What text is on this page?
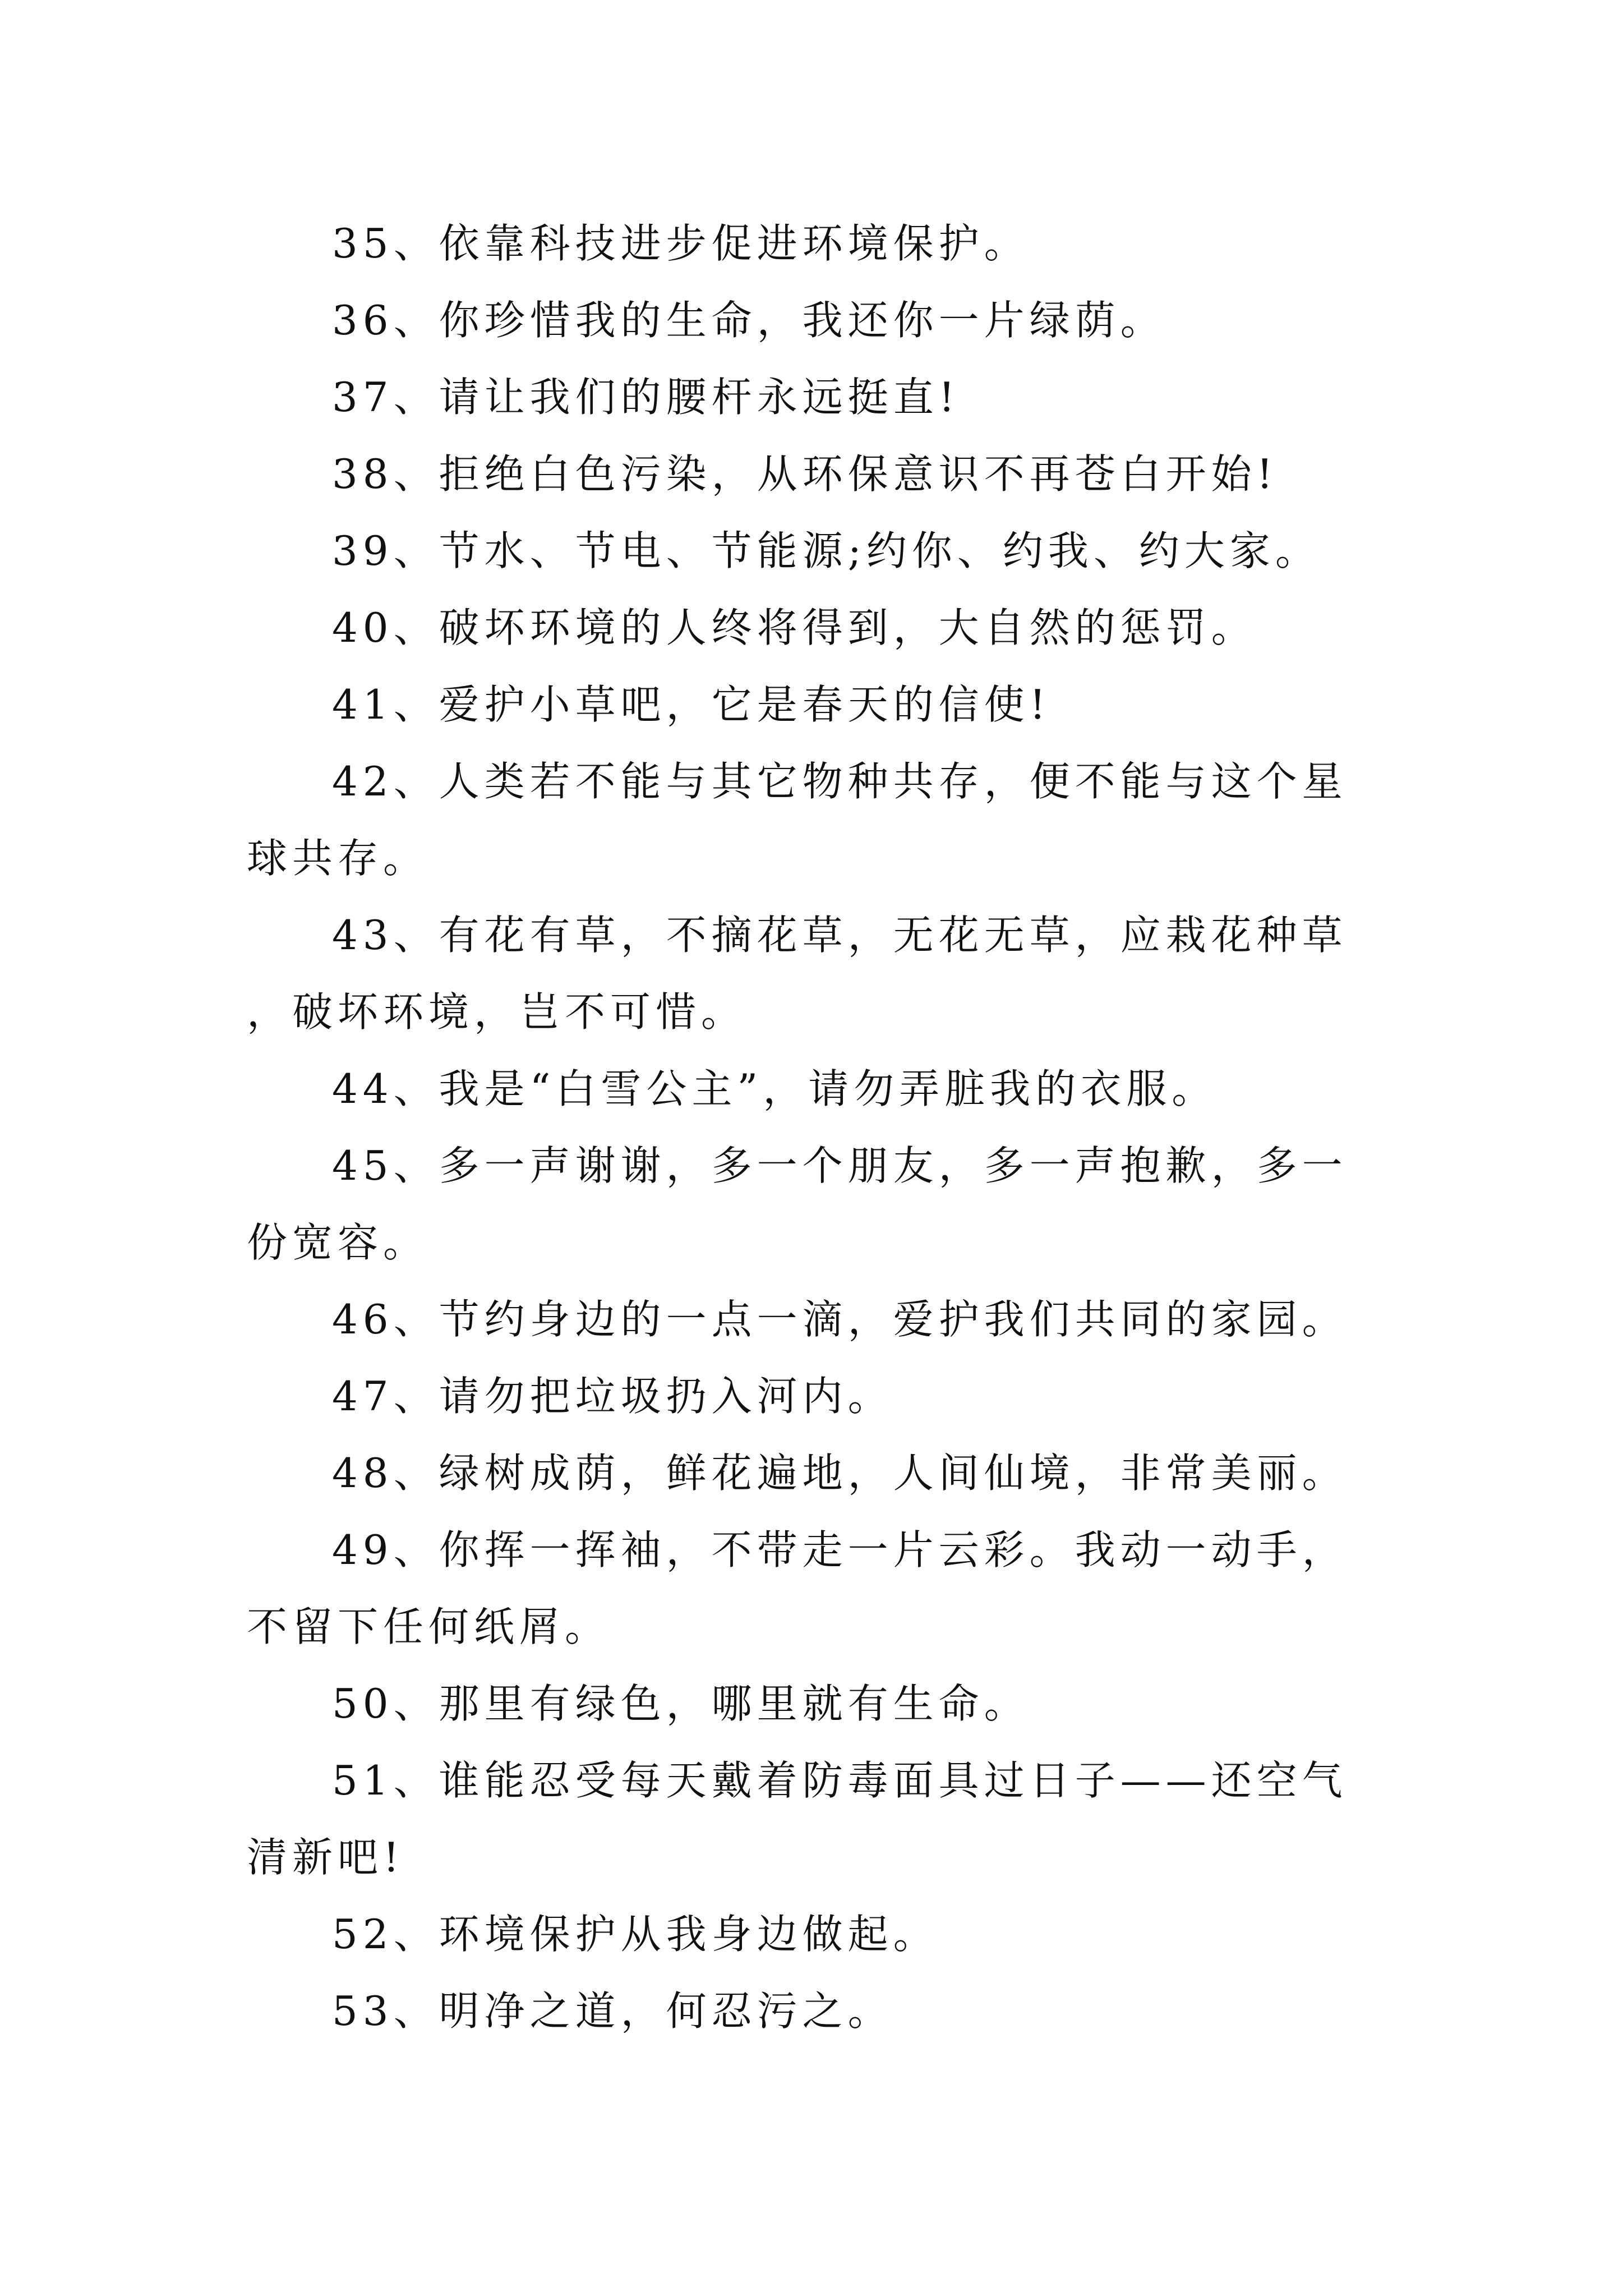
35、依靠科技进步促进环境保护。

36、你珍惜我的生命，我还你一片绿荫。

37、请让我们的腰杆永远挺直!

38、拒绝白色污染，从环保意识不再苍白开始!

39、节水、节电、节能源;约你、约我、约大家。

40、破坏环境的人终将得到，大自然的惩罚。

41、爱护小草吧，它是春天的信使!

42、人类若不能与其它物种共存，便不能与这个星球共存。

43、有花有草，不摘花草，无花无草，应栽花种草，破坏环境，岂不可惜。

44、我是“白雪公主”，请勿弄脏我的衣服。

45、多一声谢谢，多一个朋友，多一声抱歉，多一份宽容。

46、节约身边的一点一滴，爱护我们共同的家园。

47、请勿把垃圾扔入河内。

48、绿树成荫，鲜花遍地，人间仙境，非常美丽。

49、你挥一挥袖，不带走一片云彩。我动一动手，不留下任何纸屑。

50、那里有绿色，哪里就有生命。

51、谁能忍受每天戴着防毒面具过日子——还空气清新吧!

52、环境保护从我身边做起。

53、明净之道，何忍污之。
